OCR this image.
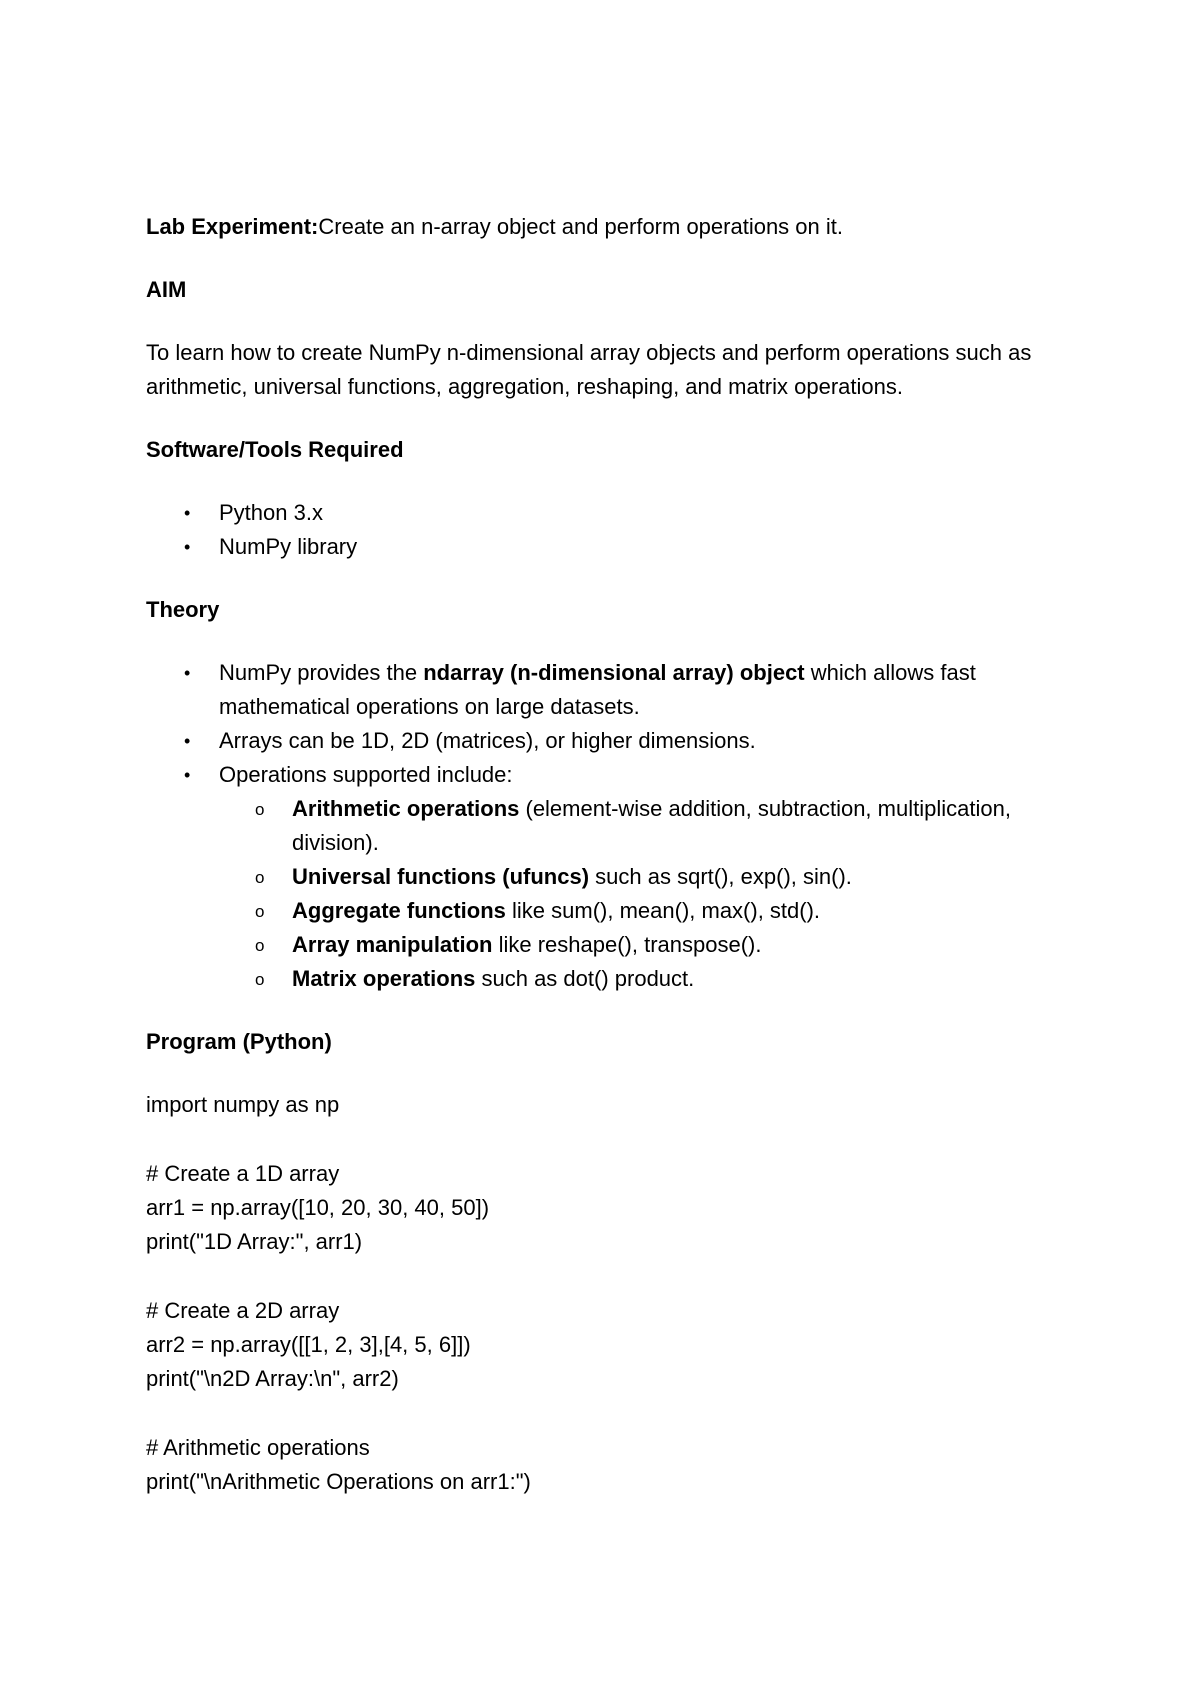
Lab Experiment:Create an n-array object and perform operations on it.

AIM

To learn how to create NumPy n-dimensional array objects and perform operations such as arithmetic, universal functions, aggregation, reshaping, and matrix operations.

Software/Tools Required

• Python 3.x
• NumPy library

Theory

• NumPy provides the ndarray (n-dimensional array) object which allows fast mathematical operations on large datasets.
• Arrays can be 1D, 2D (matrices), or higher dimensions.
• Operations supported include:
o Arithmetic operations (element-wise addition, subtraction, multiplication, division).
o Universal functions (ufuncs) such as sqrt(), exp(), sin().
o Aggregate functions like sum(), mean(), max(), std().
o Array manipulation like reshape(), transpose().
o Matrix operations such as dot() product.

Program (Python)

import numpy as np

# Create a 1D array

arr1 = np.array([10, 20, 30, 40, 50])

print("1D Array:", arr1)

# Create a 2D array

arr2 = np.array([[1, 2, 3],[4, 5, 6]])

print("\n2D Array:\n", arr2)

# Arithmetic operations

print("\nArithmetic Operations on arr1:")
